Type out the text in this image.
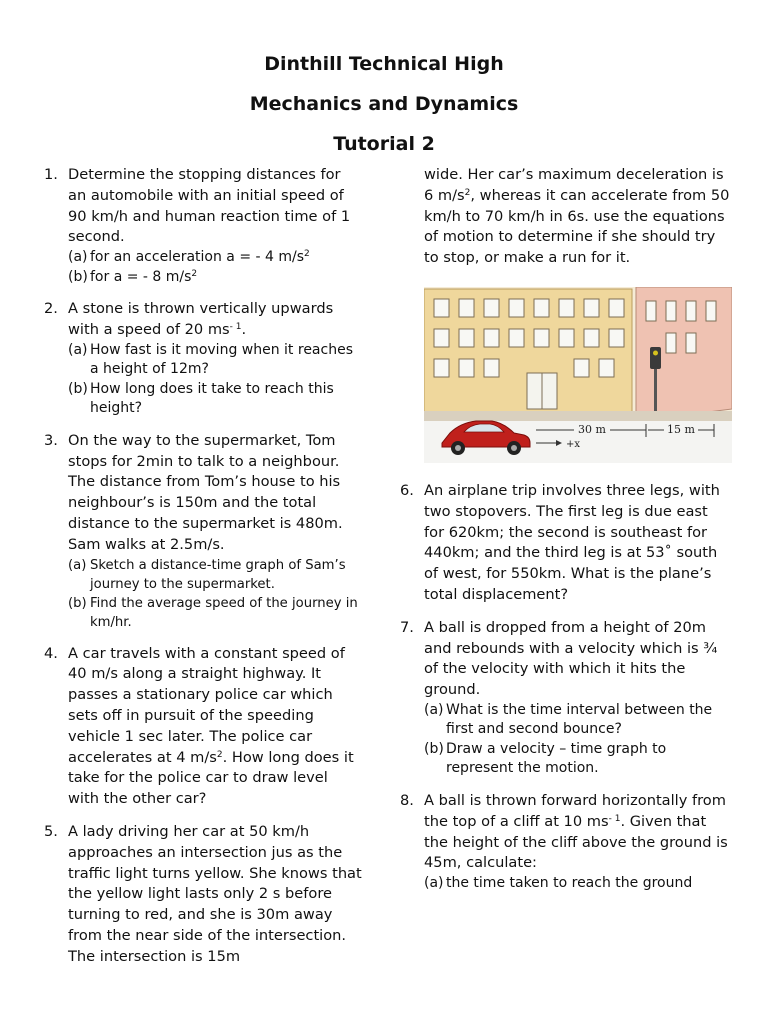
Dinthill Technical High
Mechanics and Dynamics
Tutorial 2
1. Determine the stopping distances for an automobile with an initial speed of 90 km/h and human reaction time of 1 second.
(a) for an acceleration a = - 4 $m/s^2$
(b) for a = - 8 $m/s^2$
2. A stone is thrown vertically upwards with a speed of 20 $ms^{- 1}$.
(a) How fast is it moving when it reaches a height of 12m?
(b) How long does it take to reach this height?
3. On the way to the supermarket, Tom stops for 2min to talk to a neighbour. The distance from Tom’s house to his neighbour’s is 150m and the total distance to the supermarket is 480m. Sam walks at 2.5m/s.
(a) Sketch a distance-time graph of Sam’s journey to the supermarket.
(b) Find the average speed of the journey in km/hr.
4. A car travels with a constant speed of 40 m/s along a straight highway. It passes a stationary police car which sets off in pursuit of the speeding vehicle 1 sec later. The police car accelerates at 4 $m/s^2$. How long does it take for the police car to draw level with the other car?
5. A lady driving her car at 50 km/h approaches an intersection jus as the traffic light turns yellow. She knows that the yellow light lasts only 2 s before turning to red, and she is 30m away from the near side of the intersection. The intersection is 15m
wide. Her car’s maximum deceleration is 6 $m/s^2$, whereas it can accelerate from 50 km/h to 70 km/h in 6s. use the equations of motion to determine if she should try to stop, or make a run for it.
30 m	15 m
+x
6. An airplane trip involves three legs, with two stopovers. The first leg is due east for 620km; the second is southeast for 440km; and the third leg is at 53˚ south of west, for 550km. What is the plane’s total displacement?
7. A ball is dropped from a height of 20m and rebounds with a velocity which is ¾ of the velocity with which it hits the ground.
(a) What is the time interval between the first and second bounce?
(b) Draw a velocity – time graph to represent the motion.
8. A ball is thrown forward horizontally from the top of a cliff at 10 $ms^{- 1}$. Given that the height of the cliff above the ground is 45m, calculate:
(a) the time taken to reach the ground
